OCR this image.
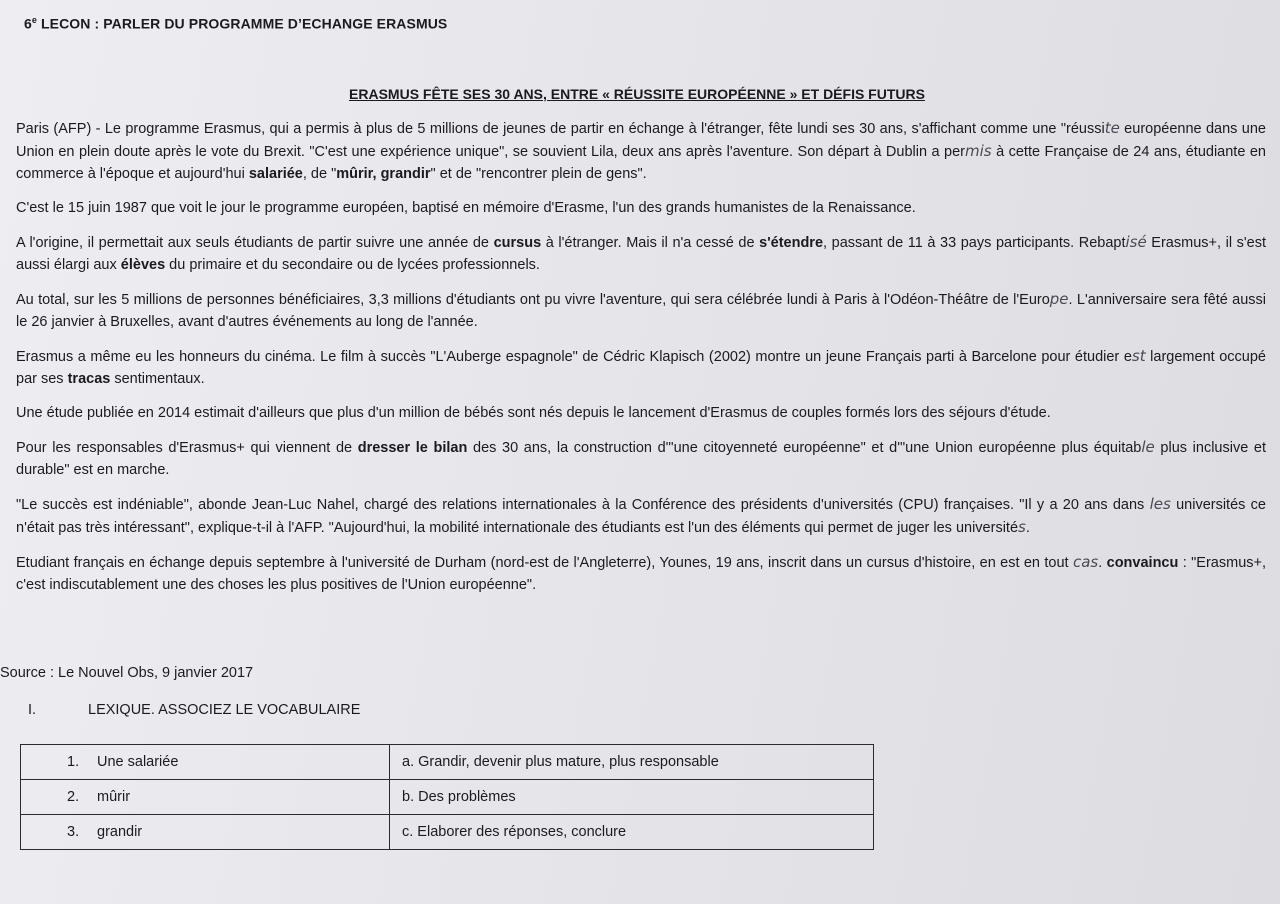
6e LECON : PARLER DU PROGRAMME D’ECHANGE ERASMUS
ERASMUS FÊTE SES 30 ANS, ENTRE « RÉUSSITE EUROPÉENNE » ET DÉFIS FUTURS

Paris (AFP) - Le programme Erasmus, qui a permis à plus de 5 millions de jeunes de partir en échange à l'étranger, fête lundi ses 30 ans, s'affichant comme une "réussite européenne dans une Union en plein doute après le vote du Brexit. "C'est une expérience unique", se souvient Lila, deux ans après l'aventure. Son départ à Dublin a permis à cette Française de 24 ans, étudiante en commerce à l'époque et aujourd'hui salariée, de "mûrir, grandir" et de "rencontrer plein de gens".

C'est le 15 juin 1987 que voit le jour le programme européen, baptisé en mémoire d'Erasme, l'un des grands humanistes de la Renaissance.

A l'origine, il permettait aux seuls étudiants de partir suivre une année de cursus à l'étranger. Mais il n'a cessé de s'étendre, passant de 11 à 33 pays participants. Rebaptisé Erasmus+, il s'est aussi élargi aux élèves du primaire et du secondaire ou de lycées professionnels.

Au total, sur les 5 millions de personnes bénéficiaires, 3,3 millions d'étudiants ont pu vivre l'aventure, qui sera célébrée lundi à Paris à l'Odéon-Théâtre de l'Europe. L'anniversaire sera fêté aussi le 26 janvier à Bruxelles, avant d'autres événements au long de l'année.

Erasmus a même eu les honneurs du cinéma. Le film à succès "L'Auberge espagnole" de Cédric Klapisch (2002) montre un jeune Français parti à Barcelone pour étudier est largement occupé par ses tracas sentimentaux.

Une étude publiée en 2014 estimait d'ailleurs que plus d'un million de bébés sont nés depuis le lancement d'Erasmus de couples formés lors des séjours d'étude.

Pour les responsables d'Erasmus+ qui viennent de dresser le bilan des 30 ans, la construction d'"une citoyenneté européenne" et d'"une Union européenne plus équitable plus inclusive et durable" est en marche.

"Le succès est indéniable", abonde Jean-Luc Nahel, chargé des relations internationales à la Conférence des présidents d'universités (CPU) françaises. "Il y a 20 ans dans les universités ce n'était pas très intéressant", explique-t-il à l'AFP. "Aujourd'hui, la mobilité internationale des étudiants est l'un des éléments qui permet de juger les universités.

Etudiant français en échange depuis septembre à l'université de Durham (nord-est de l'Angleterre), Younes, 19 ans, inscrit dans un cursus d'histoire, en est en tout cas. convaincu : "Erasmus+, c'est indiscutablement une des choses les plus positives de l'Union européenne".

Source : Le Nouvel Obs, 9 janvier 2017
I.	LEXIQUE. ASSOCIEZ LE VOCABULAIRE
1. Une salariée	a. Grandir, devenir plus mature, plus responsable
2. mûrir	b. Des problèmes
3. grandir	c. Elaborer des réponses, conclure
